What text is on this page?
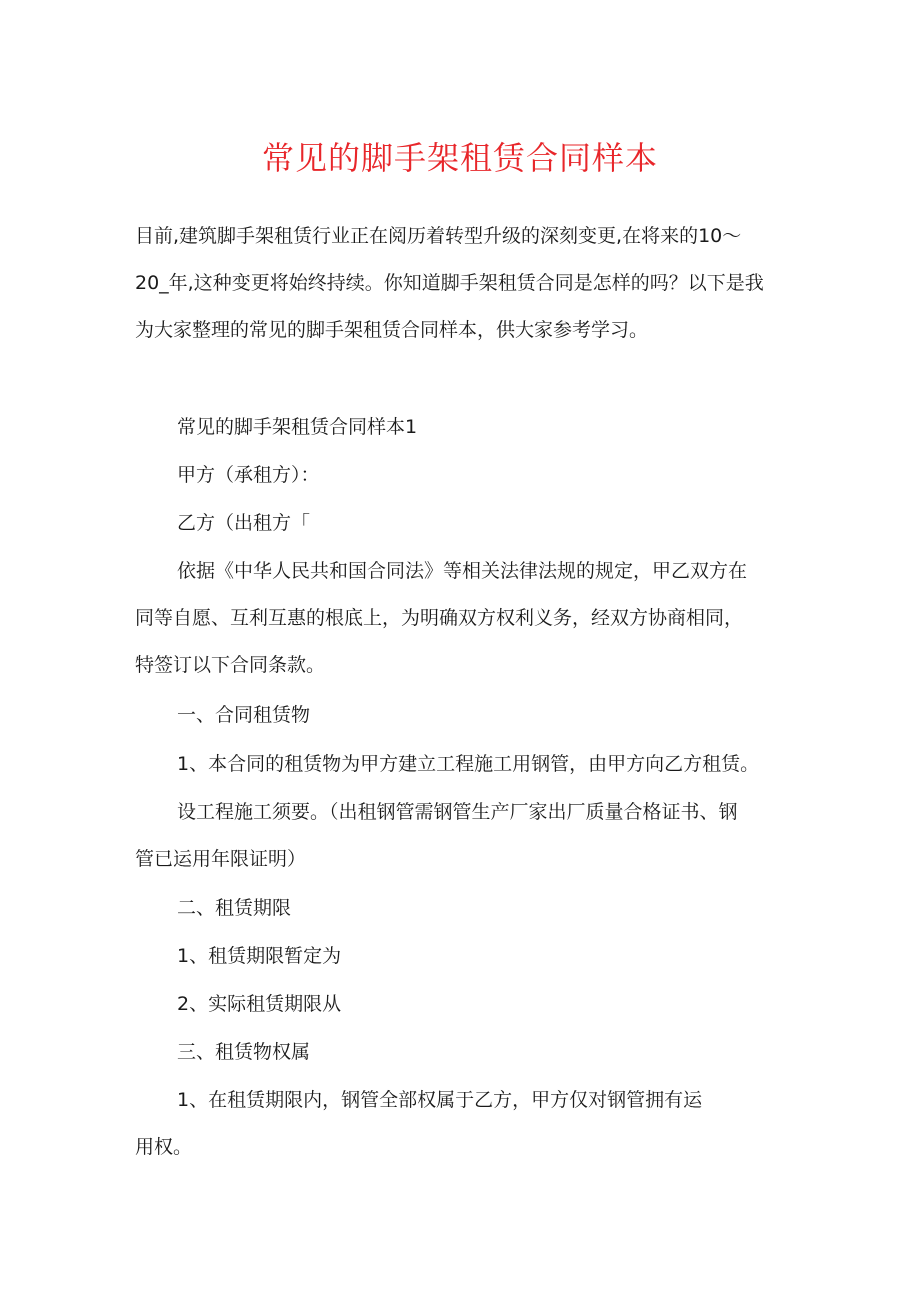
常见的脚手架租赁合同样本
目前,建筑脚手架租赁行业正在阅历着转型升级的深刻变更,在将来的10〜
20_年,这种变更将始终持续。你知道脚手架租赁合同是怎样的吗？以下是我
为大家整理的常见的脚手架租赁合同样本，供大家参考学习。
常见的脚手架租赁合同样本1
甲方（承租方）：
乙方（出租方「
依据《中华人民共和国合同法》等相关法律法规的规定，甲乙双方在
同等自愿、互利互惠的根底上，为明确双方权利义务，经双方协商相同，
特签订以下合同条款。
一、合同租赁物
1、本合同的租赁物为甲方建立工程施工用钢管，由甲方向乙方租赁。
设工程施工须要。（出租钢管需钢管生产厂家出厂质量合格证书、钢
管已运用年限证明）
二、租赁期限
1、租赁期限暂定为
2、实际租赁期限从
三、租赁物权属
1、在租赁期限内，钢管全部权属于乙方，甲方仅对钢管拥有运
用权。
